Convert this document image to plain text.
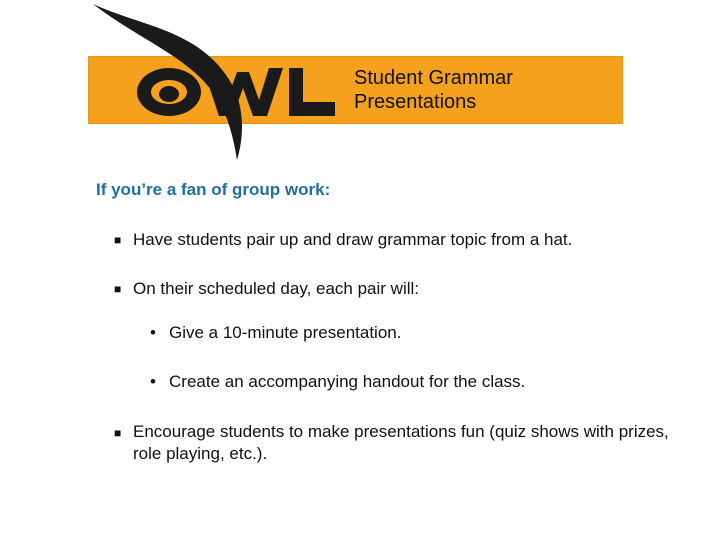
Student Grammar Presentations
If you’re a fan of group work:
■ Have students pair up and draw grammar topic from a hat.
■ On their scheduled day, each pair will:
• Give a 10-minute presentation.
• Create an accompanying handout for the class.
■ Encourage students to make presentations fun (quiz shows with prizes, role playing, etc.).
